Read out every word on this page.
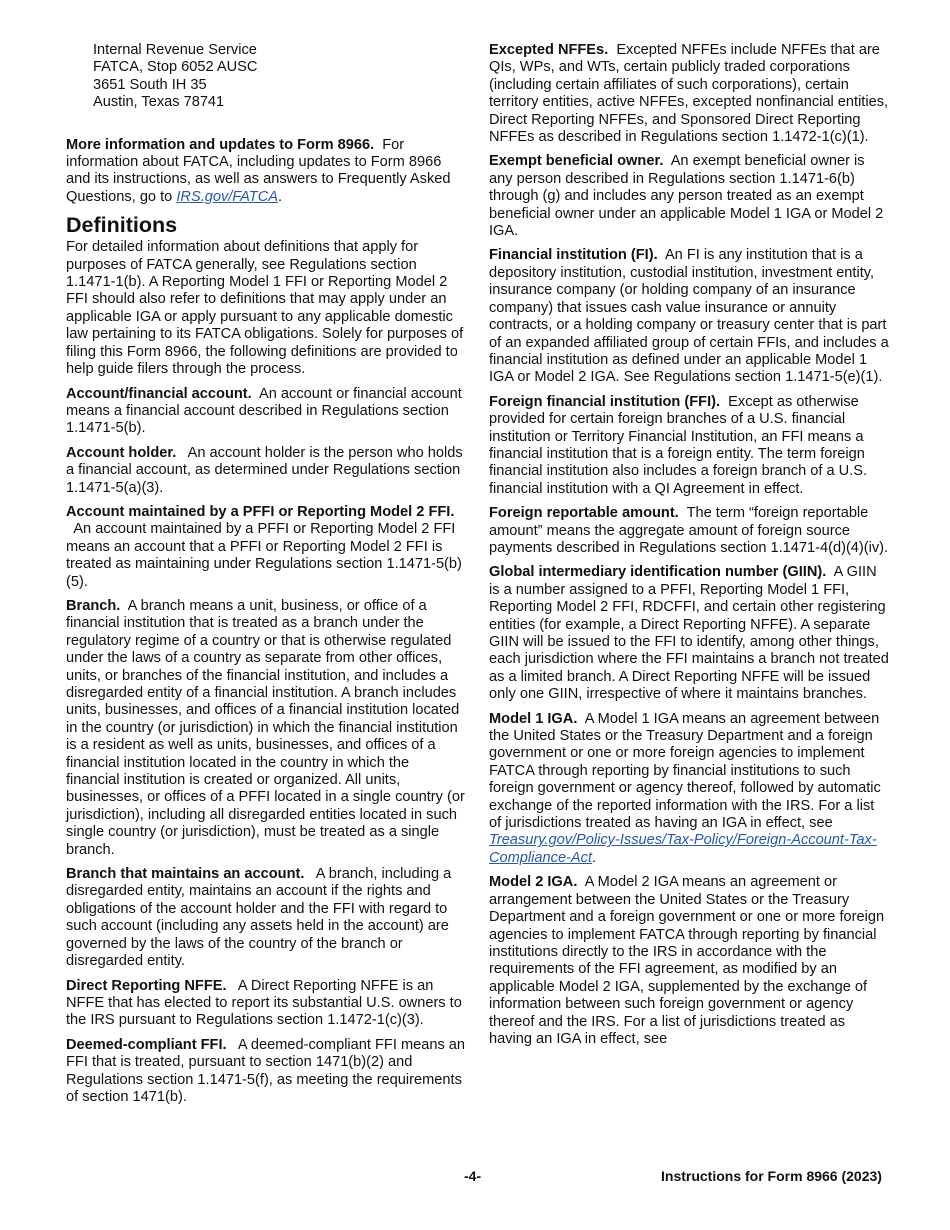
Internal Revenue Service
FATCA, Stop 6052 AUSC
3651 South IH 35
Austin, Texas 78741

More information and updates to Form 8966. For information about FATCA, including updates to Form 8966 and its instructions, as well as answers to Frequently Asked Questions, go to IRS.gov/FATCA.

Definitions

For detailed information about definitions that apply for purposes of FATCA generally, see Regulations section 1.1471-1(b). A Reporting Model 1 FFI or Reporting Model 2 FFI should also refer to definitions that may apply under an applicable IGA or apply pursuant to any applicable domestic law pertaining to its FATCA obligations. Solely for purposes of filing this Form 8966, the following definitions are provided to help guide filers through the process.

Account/financial account. An account or financial account means a financial account described in Regulations section 1.1471-5(b).

Account holder. An account holder is the person who holds a financial account, as determined under Regulations section 1.1471-5(a)(3).

Account maintained by a PFFI or Reporting Model 2 FFI.  An account maintained by a PFFI or Reporting Model 2 FFI means an account that a PFFI or Reporting Model 2 FFI is treated as maintaining under Regulations section 1.1471-5(b)(5).

Branch. A branch means a unit, business, or office of a financial institution that is treated as a branch under the regulatory regime of a country or that is otherwise regulated under the laws of a country as separate from other offices, units, or branches of the financial institution, and includes a disregarded entity of a financial institution. A branch includes units, businesses, and offices of a financial institution located in the country (or jurisdiction) in which the financial institution is a resident as well as units, businesses, and offices of a financial institution located in the country in which the financial institution is created or organized. All units, businesses, or offices of a PFFI located in a single country (or jurisdiction), including all disregarded entities located in such single country (or jurisdiction), must be treated as a single branch.

Branch that maintains an account. A branch, including a disregarded entity, maintains an account if the rights and obligations of the account holder and the FFI with regard to such account (including any assets held in the account) are governed by the laws of the country of the branch or disregarded entity.

Direct Reporting NFFE. A Direct Reporting NFFE is an NFFE that has elected to report its substantial U.S. owners to the IRS pursuant to Regulations section 1.1472-1(c)(3).

Deemed-compliant FFI. A deemed-compliant FFI means an FFI that is treated, pursuant to section 1471(b)(2) and Regulations section 1.1471-5(f), as meeting the requirements of section 1471(b).

Excepted NFFEs. Excepted NFFEs include NFFEs that are QIs, WPs, and WTs, certain publicly traded corporations (including certain affiliates of such corporations), certain territory entities, active NFFEs, excepted nonfinancial entities, Direct Reporting NFFEs, and Sponsored Direct Reporting NFFEs as described in Regulations section 1.1472-1(c)(1).

Exempt beneficial owner. An exempt beneficial owner is any person described in Regulations section 1.1471-6(b) through (g) and includes any person treated as an exempt beneficial owner under an applicable Model 1 IGA or Model 2 IGA.

Financial institution (FI). An FI is any institution that is a depository institution, custodial institution, investment entity, insurance company (or holding company of an insurance company) that issues cash value insurance or annuity contracts, or a holding company or treasury center that is part of an expanded affiliated group of certain FFIs, and includes a financial institution as defined under an applicable Model 1 IGA or Model 2 IGA. See Regulations section 1.1471-5(e)(1).

Foreign financial institution (FFI). Except as otherwise provided for certain foreign branches of a U.S. financial institution or Territory Financial Institution, an FFI means a financial institution that is a foreign entity. The term foreign financial institution also includes a foreign branch of a U.S. financial institution with a QI Agreement in effect.

Foreign reportable amount. The term “foreign reportable amount” means the aggregate amount of foreign source payments described in Regulations section 1.1471-4(d)(4)(iv).

Global intermediary identification number (GIIN). A GIIN is a number assigned to a PFFI, Reporting Model 1 FFI, Reporting Model 2 FFI, RDCFFI, and certain other registering entities (for example, a Direct Reporting NFFE). A separate GIIN will be issued to the FFI to identify, among other things, each jurisdiction where the FFI maintains a branch not treated as a limited branch. A Direct Reporting NFFE will be issued only one GIIN, irrespective of where it maintains branches.

Model 1 IGA. A Model 1 IGA means an agreement between the United States or the Treasury Department and a foreign government or one or more foreign agencies to implement FATCA through reporting by financial institutions to such foreign government or agency thereof, followed by automatic exchange of the reported information with the IRS. For a list of jurisdictions treated as having an IGA in effect, see Treasury.gov/Policy-Issues/Tax-Policy/Foreign-Account-Tax-Compliance-Act.

Model 2 IGA. A Model 2 IGA means an agreement or arrangement between the United States or the Treasury Department and a foreign government or one or more foreign agencies to implement FATCA through reporting by financial institutions directly to the IRS in accordance with the requirements of the FFI agreement, as modified by an applicable Model 2 IGA, supplemented by the exchange of information between such foreign government or agency thereof and the IRS. For a list of jurisdictions treated as having an IGA in effect, see

-4-	Instructions for Form 8966 (2023)
